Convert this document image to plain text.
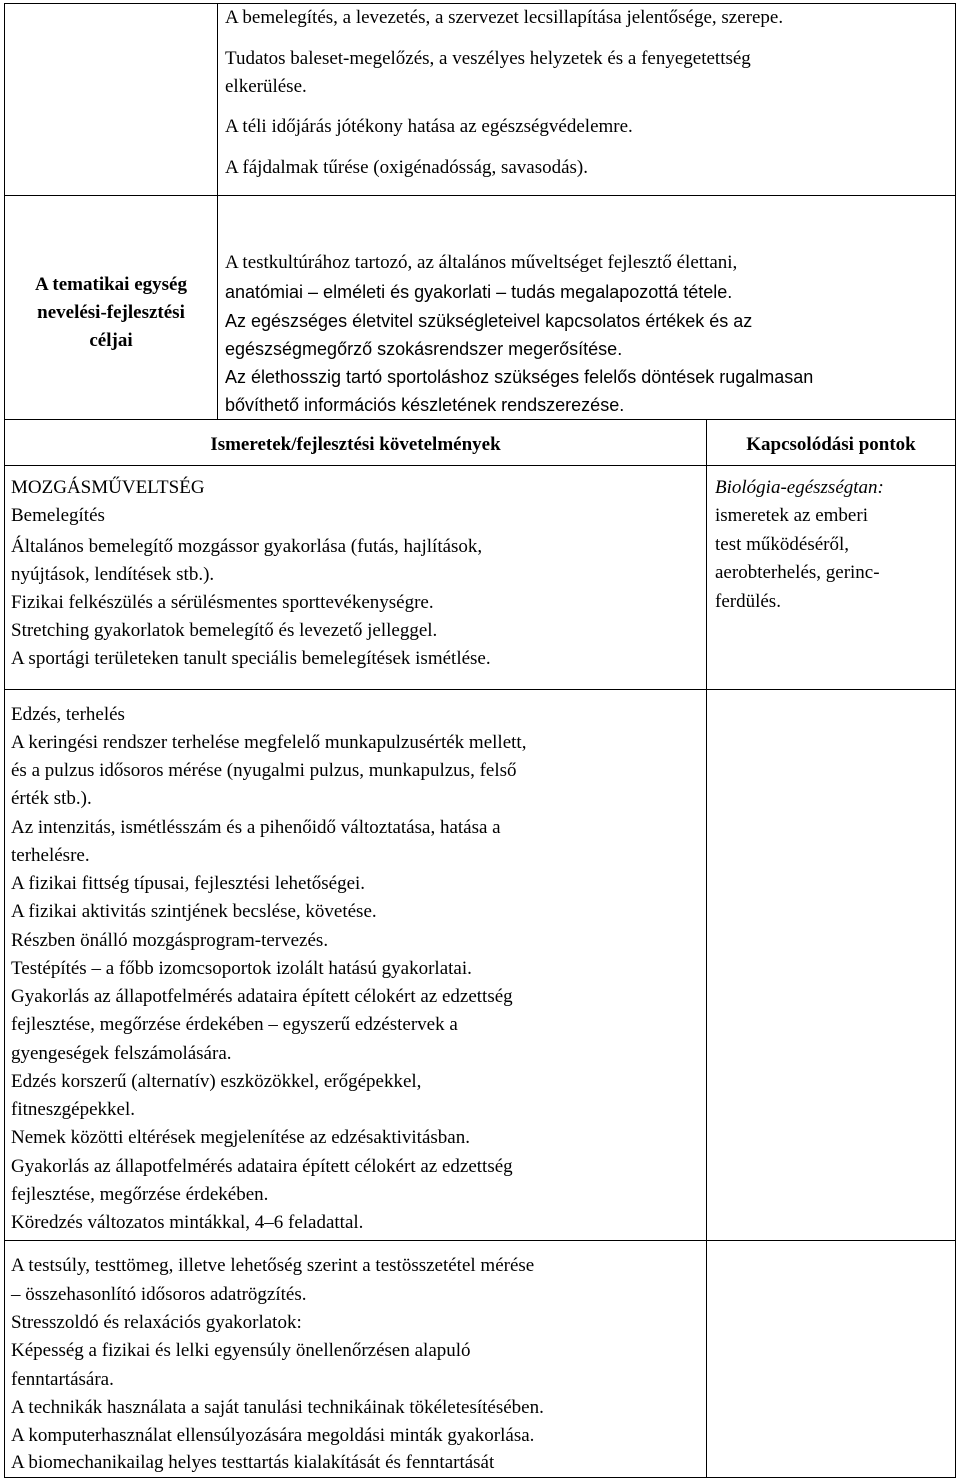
A bemelegítés, a levezetés, a szervezet lecsillapítása jelentősége, szerepe.
Tudatos baleset-megelőzés, a veszélyes helyzetek és a fenyegetettség
elkerülése.
A téli időjárás jótékony hatása az egészségvédelemre.
A fájdalmak tűrése (oxigénadósság, savasodás).
A tematikai egység
nevelési-fejlesztési
céljai
A testkultúrához tartozó, az általános műveltséget fejlesztő élettani,
anatómiai – elméleti és gyakorlati – tudás megalapozottá tétele.
Az egészséges életvitel szükségleteivel kapcsolatos értékek és az
egészségmegőrző szokásrendszer megerősítése.
Az élethosszig tartó sportoláshoz szükséges felelős döntések rugalmasan
bővíthető információs készletének rendszerezése.
Ismeretek/fejlesztési követelmények	Kapcsolódási pontok
MOZGÁSMŰVELTSÉG
Bemelegítés
Általános bemelegítő mozgássor gyakorlása (futás, hajlítások,
nyújtások, lendítések stb.).
Fizikai felkészülés a sérülésmentes sporttevékenységre.
Stretching gyakorlatok bemelegítő és levezető jelleggel.
A sportági területeken tanult speciális bemelegítések ismétlése.
Biológia-egészségtan:
ismeretek az emberi
test működéséről,
aerobterhelés, gerinc-
ferdülés.
Edzés, terhelés
A keringési rendszer terhelése megfelelő munkapulzusérték mellett,
és a pulzus idősoros mérése (nyugalmi pulzus, munkapulzus, felső
érték stb.).
Az intenzitás, ismétlésszám és a pihenőidő változtatása, hatása a
terhelésre.
A fizikai fittség típusai, fejlesztési lehetőségei.
A fizikai aktivitás szintjének becslése, követése.
Részben önálló mozgásprogram-tervezés.
Testépítés – a főbb izomcsoportok izolált hatású gyakorlatai.
Gyakorlás az állapotfelmérés adataira épített célokért az edzettség
fejlesztése, megőrzése érdekében – egyszerű edzéstervek a
gyengeségek felszámolására.
Edzés korszerű (alternatív) eszközökkel, erőgépekkel,
fitneszgépekkel.
Nemek közötti eltérések megjelenítése az edzésaktivitásban.
Gyakorlás az állapotfelmérés adataira épített célokért az edzettség
fejlesztése, megőrzése érdekében.
Köredzés változatos mintákkal, 4–6 feladattal.
A testsúly, testtömeg, illetve lehetőség szerint a testösszetétel mérése
– összehasonlító idősoros adatrögzítés.
Stresszoldó és relaxációs gyakorlatok:
Képesség a fizikai és lelki egyensúly önellenőrzésen alapuló
fenntartására.
A technikák használata a saját tanulási technikáinak tökéletesítésében.
A komputerhasználat ellensúlyozására megoldási minták gyakorlása.
A biomechanikailag helyes testtartás kialakítását és fenntartását
